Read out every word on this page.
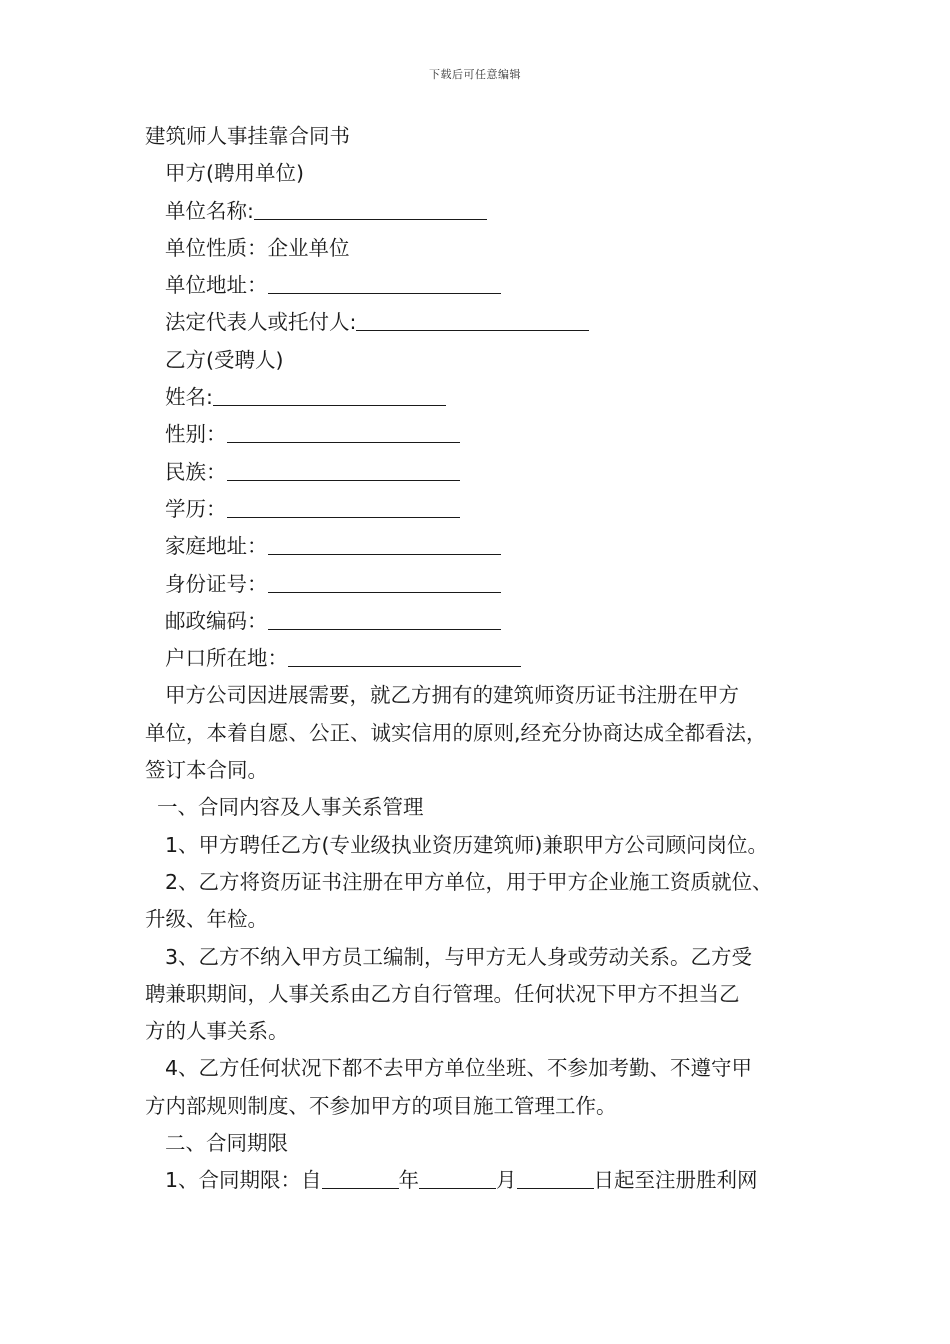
下载后可任意编辑
建筑师人事挂靠合同书
甲方(聘用单位)
单位名称:
单位性质：企业单位
单位地址：
法定代表人或托付人:
乙方(受聘人)
姓名:
性别：
民族：
学历：
家庭地址：
身份证号：
邮政编码：
户口所在地：
甲方公司因进展需要，就乙方拥有的建筑师资历证书注册在甲方
单位，本着自愿、公正、诚实信用的原则,经充分协商达成全都看法，
签订本合同。
一、合同内容及人事关系管理
1、甲方聘任乙方(专业级执业资历建筑师)兼职甲方公司顾问岗位。
2、乙方将资历证书注册在甲方单位，用于甲方企业施工资质就位、
升级、年检。
3、乙方不纳入甲方员工编制，与甲方无人身或劳动关系。乙方受
聘兼职期间，人事关系由乙方自行管理。任何状况下甲方不担当乙
方的人事关系。
4、乙方任何状况下都不去甲方单位坐班、不参加考勤、不遵守甲
方内部规则制度、不参加甲方的项目施工管理工作。
二、合同期限
1、合同期限：自	年	月	日起至注册胜利网
